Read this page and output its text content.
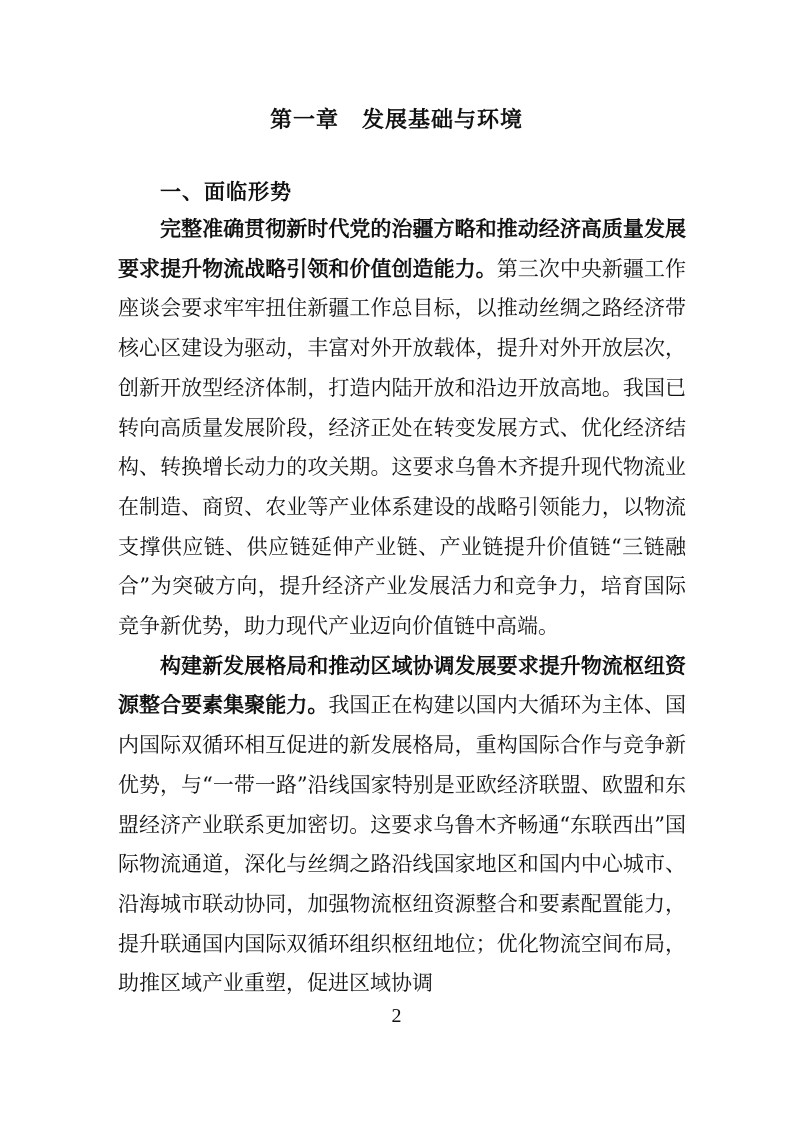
第一章　发展基础与环境
一、面临形势

完整准确贯彻新时代党的治疆方略和推动经济高质量发展要求提升物流战略引领和价值创造能力。第三次中央新疆工作座谈会要求牢牢扭住新疆工作总目标，以推动丝绸之路经济带核心区建设为驱动，丰富对外开放载体，提升对外开放层次，创新开放型经济体制，打造内陆开放和沿边开放高地。我国已转向高质量发展阶段，经济正处在转变发展方式、优化经济结构、转换增长动力的攻关期。这要求乌鲁木齐提升现代物流业在制造、商贸、农业等产业体系建设的战略引领能力，以物流支撑供应链、供应链延伸产业链、产业链提升价值链“三链融合”为突破方向，提升经济产业发展活力和竞争力，培育国际竞争新优势，助力现代产业迈向价值链中高端。

构建新发展格局和推动区域协调发展要求提升物流枢纽资源整合要素集聚能力。我国正在构建以国内大循环为主体、国内国际双循环相互促进的新发展格局，重构国际合作与竞争新优势，与“一带一路”沿线国家特别是亚欧经济联盟、欧盟和东盟经济产业联系更加密切。这要求乌鲁木齐畅通“东联西出”国际物流通道，深化与丝绸之路沿线国家地区和国内中心城市、沿海城市联动协同，加强物流枢纽资源整合和要素配置能力，提升联通国内国际双循环组织枢纽地位；优化物流空间布局，助推区域产业重塑，促进区域协调

2
